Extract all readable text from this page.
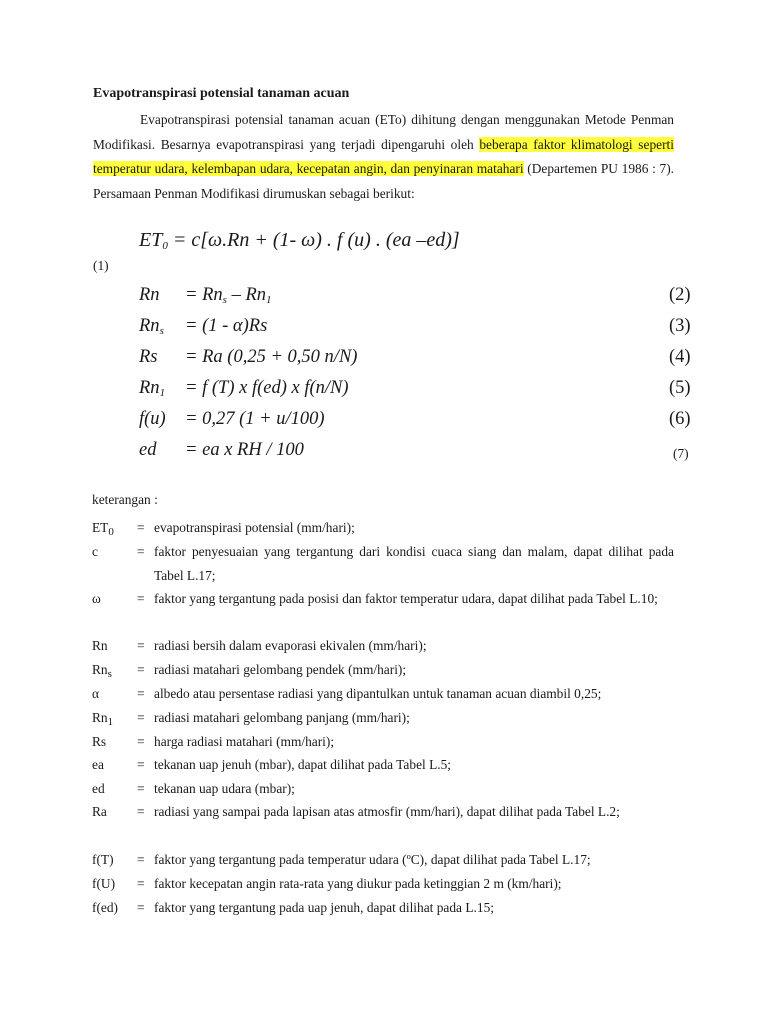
Evapotranspirasi potensial tanaman acuan
Evapotranspirasi potensial tanaman acuan (ETo) dihitung dengan menggunakan Metode Penman Modifikasi. Besarnya evapotranspirasi yang terjadi dipengaruhi oleh beberapa faktor klimatologi seperti temperatur udara, kelembapan udara, kecepatan angin, dan penyinaran matahari (Departemen PU 1986 : 7). Persamaan Penman Modifikasi dirumuskan sebagai berikut:
$ET_0 = c[\omega.Rn + (1-$ ω) . f (u) . (ea –ed)]
(1)
$Rn = Rn_s - Rn_1$	(2)
$Rn_s = (1 - \alpha)Rs$	(3)
Rs = Ra (0,25 + 0,50 n/N)	(4)
$Rn_1 = f$ (T) x f(ed) x f(n/N)	(5)
f(u) = 0,27 (1 + u/100)	(6)
ed = ea x RH / 100	(7)
keterangan :
$ET_0$	= evapotranspirasi potensial (mm/hari);
c	= faktor penyesuaian yang tergantung dari kondisi cuaca siang dan malam, dapat dilihat pada Tabel L.17;
ω	= faktor yang tergantung pada posisi dan faktor temperatur udara, dapat dilihat pada Tabel L.10;
Rn	= radiasi bersih dalam evaporasi ekivalen (mm/hari);
$Rn_s$	= radiasi matahari gelombang pendek (mm/hari);
α	= albedo atau persentase radiasi yang dipantulkan untuk tanaman acuan diambil 0,25;
$Rn_1$	= radiasi matahari gelombang panjang (mm/hari);
Rs	= harga radiasi matahari (mm/hari);
ea	= tekanan uap jenuh (mbar), dapat dilihat pada Tabel L.5;
ed	= tekanan uap udara (mbar);
Ra	= radiasi yang sampai pada lapisan atas atmosfir (mm/hari), dapat dilihat pada Tabel L.2;
f(T)	= faktor yang tergantung pada temperatur udara (ºC), dapat dilihat pada Tabel L.17;
f(U)	= faktor kecepatan angin rata-rata yang diukur pada ketinggian 2 m (km/hari);
f(ed)	= faktor yang tergantung pada uap jenuh, dapat dilihat pada L.15;
